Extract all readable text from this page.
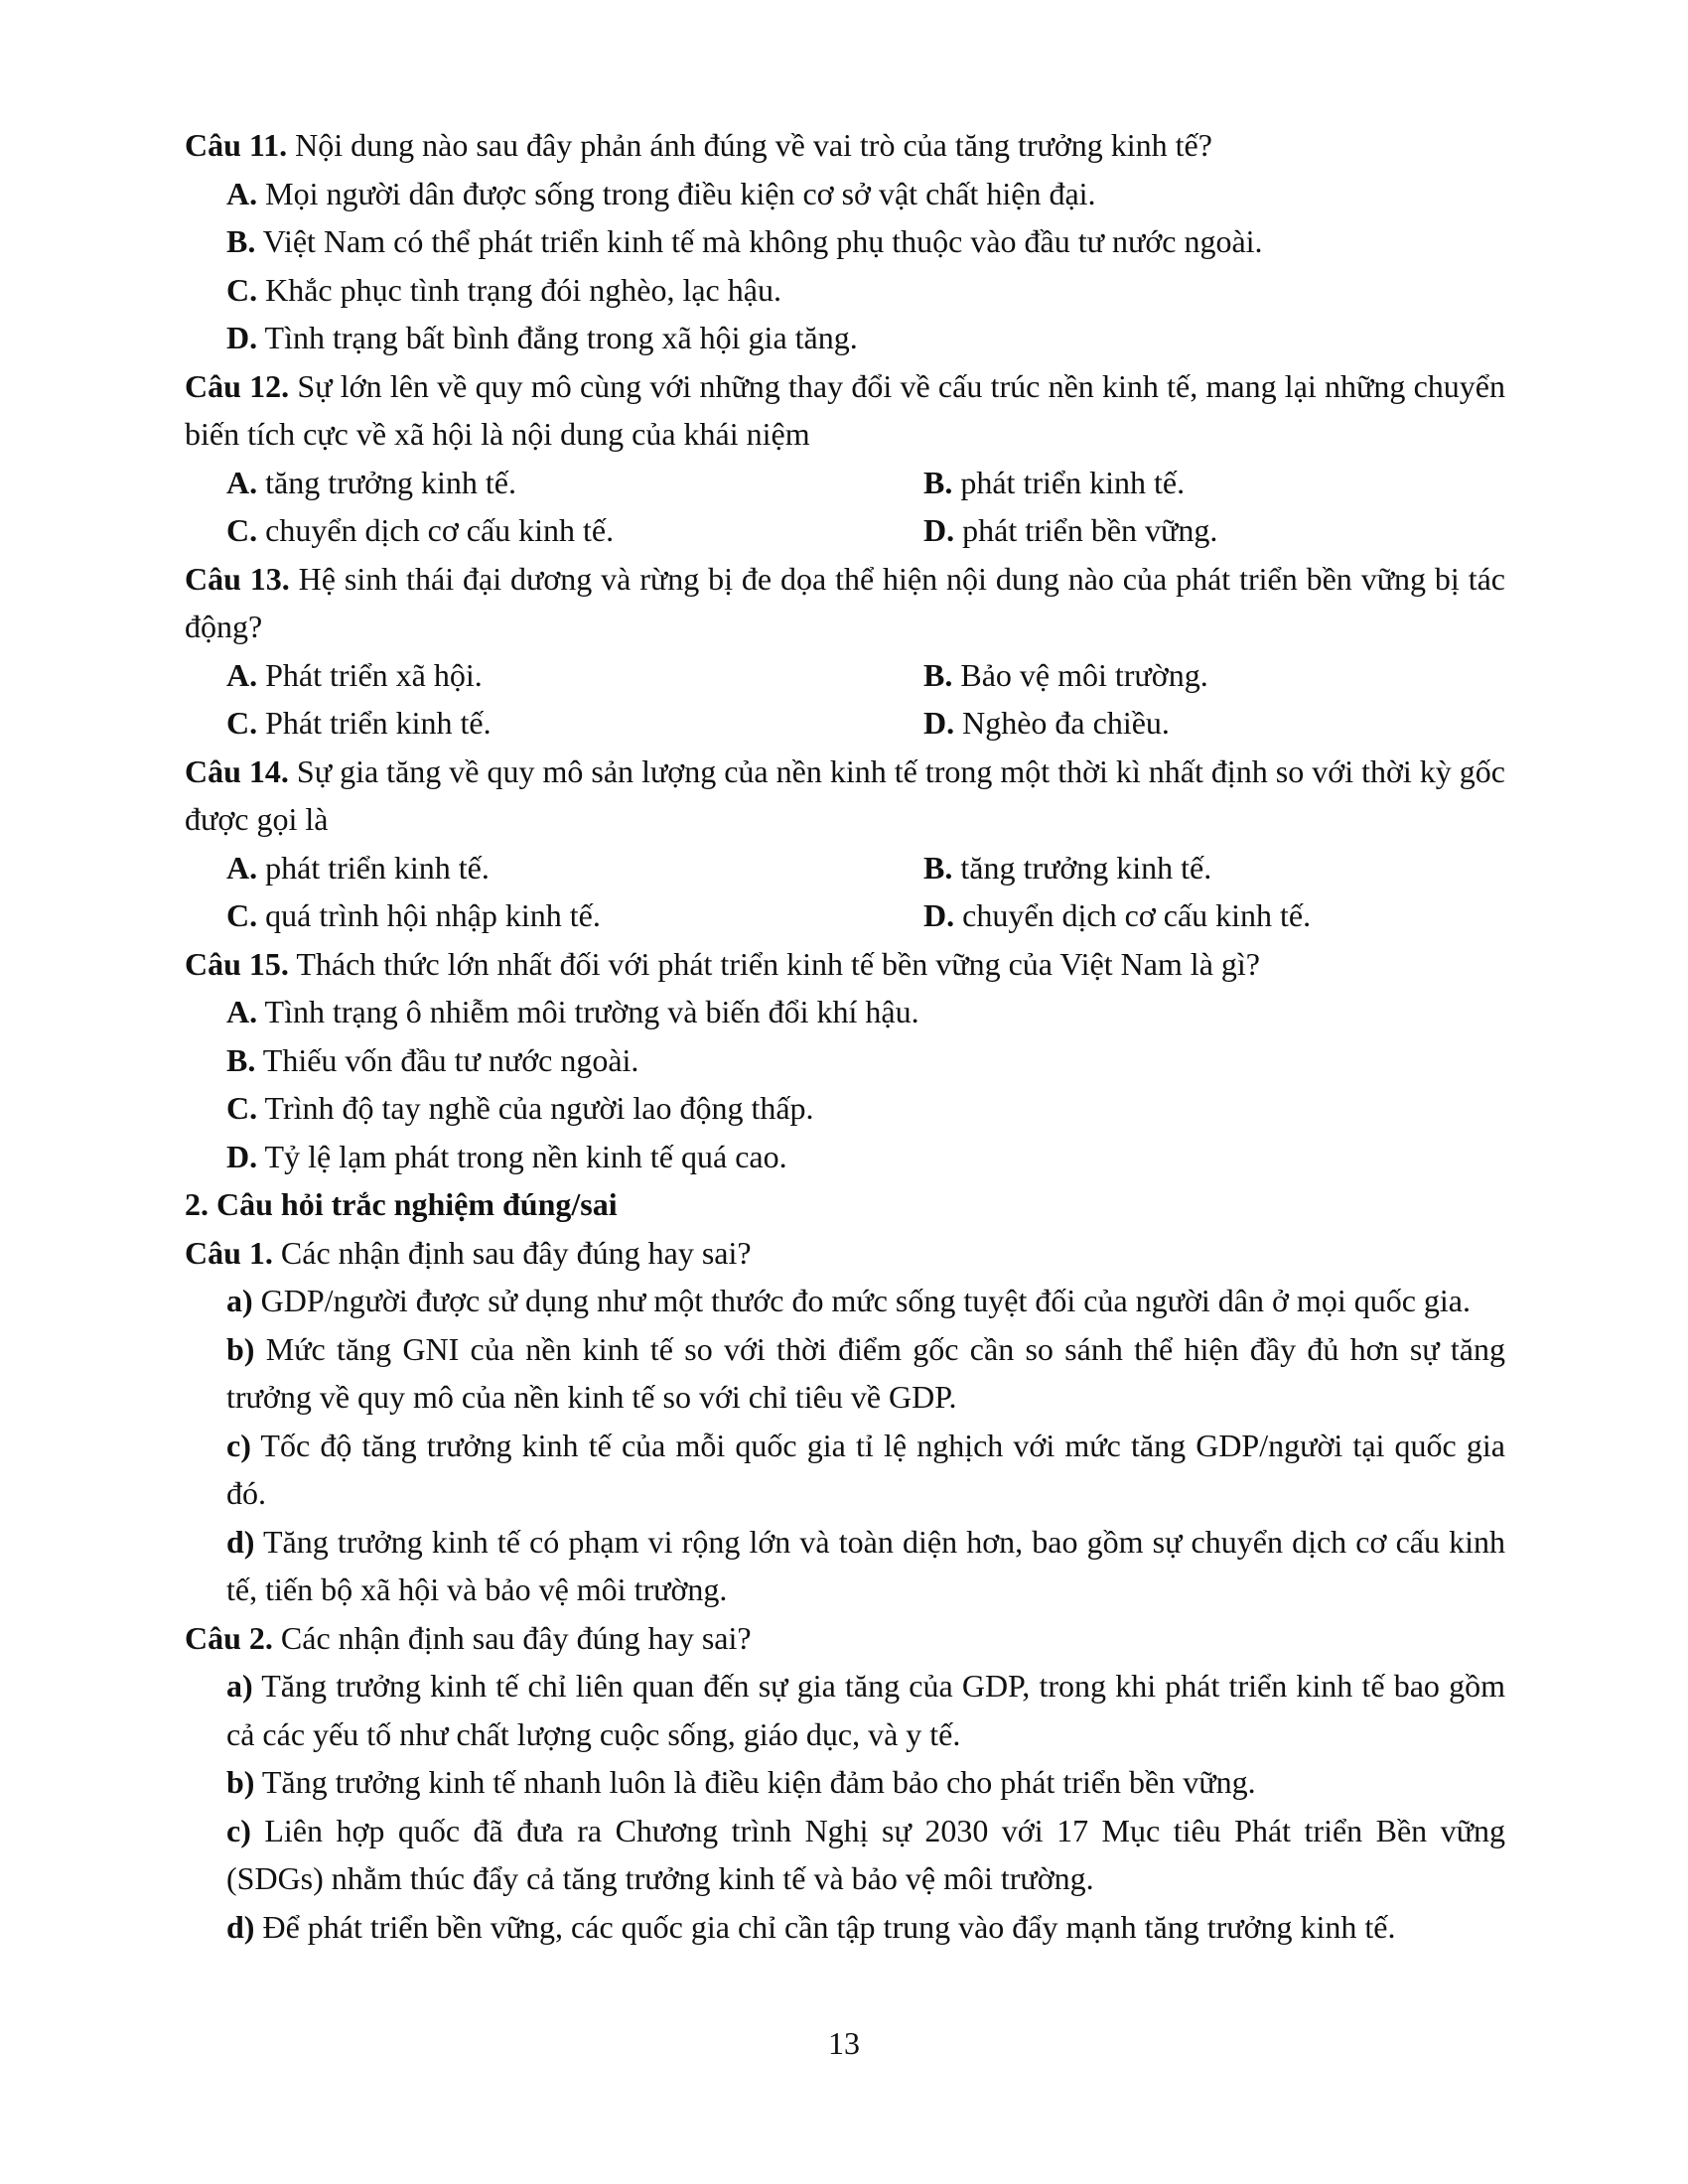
Câu 11. Nội dung nào sau đây phản ánh đúng về vai trò của tăng trưởng kinh tế?
A. Mọi người dân được sống trong điều kiện cơ sở vật chất hiện đại.
B. Việt Nam có thể phát triển kinh tế mà không phụ thuộc vào đầu tư nước ngoài.
C. Khắc phục tình trạng đói nghèo, lạc hậu.
D. Tình trạng bất bình đẳng trong xã hội gia tăng.
Câu 12. Sự lớn lên về quy mô cùng với những thay đổi về cấu trúc nền kinh tế, mang lại những chuyển biến tích cực về xã hội là nội dung của khái niệm
A. tăng trưởng kinh tế.	B. phát triển kinh tế.
C. chuyển dịch cơ cấu kinh tế.	D. phát triển bền vững.
Câu 13. Hệ sinh thái đại dương và rừng bị đe dọa thể hiện nội dung nào của phát triển bền vững bị tác động?
A. Phát triển xã hội.	B. Bảo vệ môi trường.
C. Phát triển kinh tế.	D. Nghèo đa chiều.
Câu 14. Sự gia tăng về quy mô sản lượng của nền kinh tế trong một thời kì nhất định so với thời kỳ gốc được gọi là
A. phát triển kinh tế.	B. tăng trưởng kinh tế.
C. quá trình hội nhập kinh tế.	D. chuyển dịch cơ cấu kinh tế.
Câu 15. Thách thức lớn nhất đối với phát triển kinh tế bền vững của Việt Nam là gì?
A. Tình trạng ô nhiễm môi trường và biến đổi khí hậu.
B. Thiếu vốn đầu tư nước ngoài.
C. Trình độ tay nghề của người lao động thấp.
D. Tỷ lệ lạm phát trong nền kinh tế quá cao.
2. Câu hỏi trắc nghiệm đúng/sai
Câu 1. Các nhận định sau đây đúng hay sai?
a) GDP/người được sử dụng như một thước đo mức sống tuyệt đối của người dân ở mọi quốc gia.
b) Mức tăng GNI của nền kinh tế so với thời điểm gốc cần so sánh thể hiện đầy đủ hơn sự tăng trưởng về quy mô của nền kinh tế so với chỉ tiêu về GDP.
c) Tốc độ tăng trưởng kinh tế của mỗi quốc gia tỉ lệ nghịch với mức tăng GDP/người tại quốc gia đó.
d) Tăng trưởng kinh tế có phạm vi rộng lớn và toàn diện hơn, bao gồm sự chuyển dịch cơ cấu kinh tế, tiến bộ xã hội và bảo vệ môi trường.
Câu 2. Các nhận định sau đây đúng hay sai?
a) Tăng trưởng kinh tế chỉ liên quan đến sự gia tăng của GDP, trong khi phát triển kinh tế bao gồm cả các yếu tố như chất lượng cuộc sống, giáo dục, và y tế.
b) Tăng trưởng kinh tế nhanh luôn là điều kiện đảm bảo cho phát triển bền vững.
c) Liên hợp quốc đã đưa ra Chương trình Nghị sự 2030 với 17 Mục tiêu Phát triển Bền vững (SDGs) nhằm thúc đẩy cả tăng trưởng kinh tế và bảo vệ môi trường.
d) Để phát triển bền vững, các quốc gia chỉ cần tập trung vào đẩy mạnh tăng trưởng kinh tế.
13
